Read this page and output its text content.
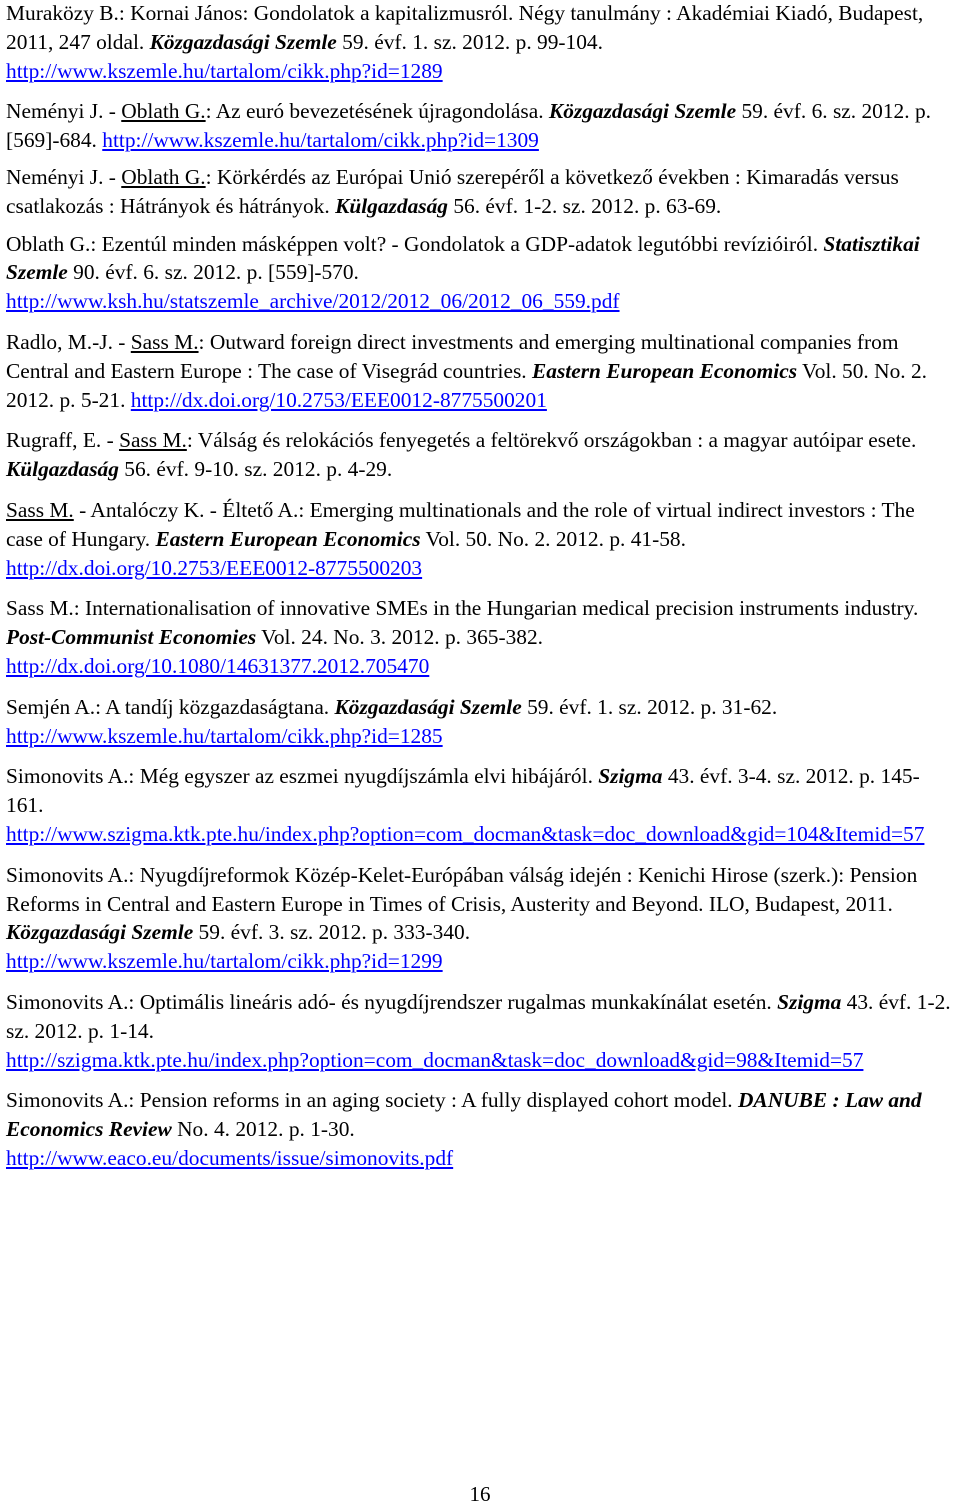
Muraközy B.: Kornai János: Gondolatok a kapitalizmusról. Négy tanulmány : Akadémiai Kiadó, Budapest, 2011, 247 oldal. Közgazdasági Szemle 59. évf. 1. sz. 2012. p. 99-104.
http://www.kszemle.hu/tartalom/cikk.php?id=1289
Neményi J. - Oblath G.: Az euró bevezetésének újragondolása. Közgazdasági Szemle 59. évf. 6. sz. 2012. p. [569]-684. http://www.kszemle.hu/tartalom/cikk.php?id=1309
Neményi J. - Oblath G.: Körkérdés az Európai Unió szerepéről a következő években : Kimaradás versus csatlakozás : Hátrányok és hátrányok. Külgazdaság 56. évf. 1-2. sz. 2012. p. 63-69.
Oblath G.: Ezentúl minden másképpen volt? - Gondolatok a GDP-adatok legutóbbi revízióiról. Statisztikai Szemle 90. évf. 6. sz. 2012. p. [559]-570.
http://www.ksh.hu/statszemle_archive/2012/2012_06/2012_06_559.pdf
Radlo, M.-J. - Sass M.: Outward foreign direct investments and emerging multinational companies from Central and Eastern Europe : The case of Visegrád countries. Eastern European Economics Vol. 50. No. 2. 2012. p. 5-21. http://dx.doi.org/10.2753/EEE0012-8775500201
Rugraff, E. - Sass M.: Válság és relokációs fenyegetés a feltörekvő országokban : a magyar autóipar esete. Külgazdaság 56. évf. 9-10. sz. 2012. p. 4-29.
Sass M. - Antalóczy K. - Éltető A.: Emerging multinationals and the role of virtual indirect investors : The case of Hungary. Eastern European Economics Vol. 50. No. 2. 2012. p. 41-58. http://dx.doi.org/10.2753/EEE0012-8775500203
Sass M.: Internationalisation of innovative SMEs in the Hungarian medical precision instruments industry. Post-Communist Economies Vol. 24. No. 3. 2012. p. 365-382.
http://dx.doi.org/10.1080/14631377.2012.705470
Semjén A.: A tandíj közgazdaságtana. Közgazdasági Szemle 59. évf. 1. sz. 2012. p. 31-62.
http://www.kszemle.hu/tartalom/cikk.php?id=1285
Simonovits A.: Még egyszer az eszmei nyugdíjszámla elvi hibájáról. Szigma 43. évf. 3-4. sz. 2012. p. 145-161.
http://www.szigma.ktk.pte.hu/index.php?option=com_docman&task=doc_download&gid=104&Itemid=57
Simonovits A.: Nyugdíjreformok Közép-Kelet-Európában válság idején : Kenichi Hirose (szerk.): Pension Reforms in Central and Eastern Europe in Times of Crisis, Austerity and Beyond. ILO, Budapest, 2011. Közgazdasági Szemle 59. évf. 3. sz. 2012. p. 333-340.
http://www.kszemle.hu/tartalom/cikk.php?id=1299
Simonovits A.: Optimális lineáris adó- és nyugdíjrendszer rugalmas munkakínálat esetén. Szigma 43. évf. 1-2. sz. 2012. p. 1-14.
http://szigma.ktk.pte.hu/index.php?option=com_docman&task=doc_download&gid=98&Itemid=57
Simonovits A.: Pension reforms in an aging society : A fully displayed cohort model. DANUBE : Law and Economics Review No. 4. 2012. p. 1-30.
http://www.eaco.eu/documents/issue/simonovits.pdf
16
